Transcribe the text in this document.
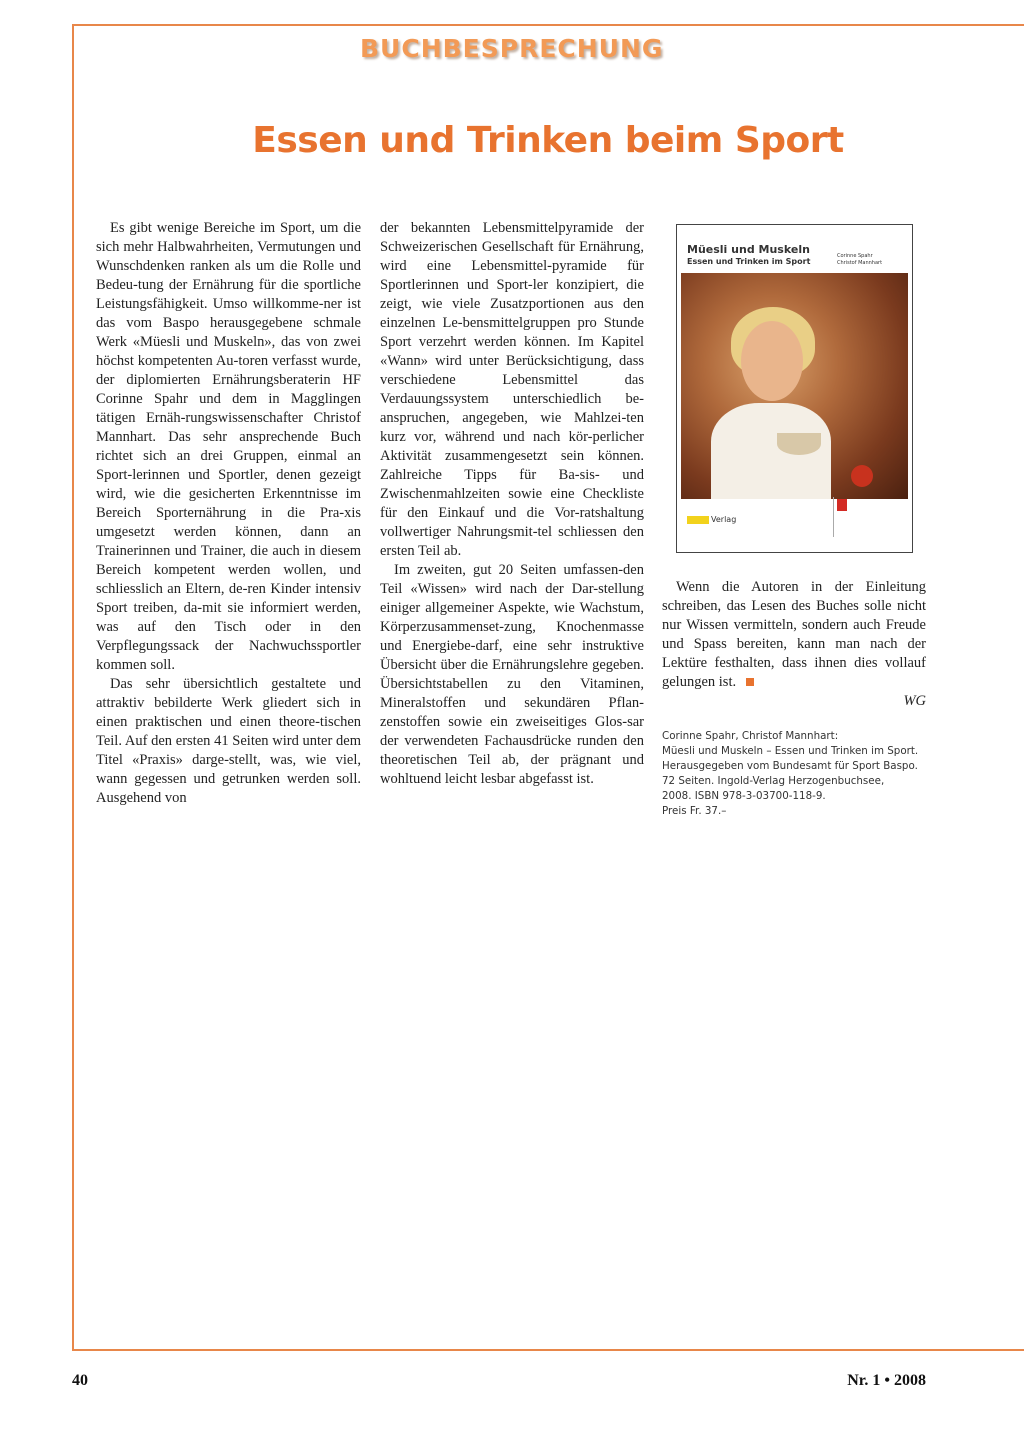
BUCHBESPRECHUNG
Essen und Trinken beim Sport

Es gibt wenige Bereiche im Sport, um die sich mehr Halbwahrheiten, Vermutungen und Wunschdenken ranken als um die Rolle und Bedeu-tung der Ernährung für die sportliche Leistungsfähigkeit. Umso willkomme-ner ist das vom Baspo herausgegebene schmale Werk «Müesli und Muskeln», das von zwei höchst kompetenten Au-toren verfasst wurde, der diplomierten Ernährungsberaterin HF Corinne Spahr und dem in Magglingen tätigen Ernäh-rungswissenschafter Christof Mannhart. Das sehr ansprechende Buch richtet sich an drei Gruppen, einmal an Sport-lerinnen und Sportler, denen gezeigt wird, wie die gesicherten Erkenntnisse im Bereich Sporternährung in die Pra-xis umgesetzt werden können, dann an Trainerinnen und Trainer, die auch in diesem Bereich kompetent werden wollen, und schliesslich an Eltern, de-ren Kinder intensiv Sport treiben, da-mit sie informiert werden, was auf den Tisch oder in den Verpflegungssack der Nachwuchssportler kommen soll.

Das sehr übersichtlich gestaltete und attraktiv bebilderte Werk gliedert sich in einen praktischen und einen theore-tischen Teil. Auf den ersten 41 Seiten wird unter dem Titel «Praxis» darge-stellt, was, wie viel, wann gegessen und getrunken werden soll. Ausgehend von

der bekannten Lebensmittelpyramide der Schweizerischen Gesellschaft für Ernährung, wird eine Lebensmittel-pyramide für Sportlerinnen und Sport-ler konzipiert, die zeigt, wie viele Zusatzportionen aus den einzelnen Le-bensmittelgruppen pro Stunde Sport verzehrt werden können. Im Kapitel «Wann» wird unter Berücksichtigung, dass verschiedene Lebensmittel das Verdauungssystem unterschiedlich be-anspruchen, angegeben, wie Mahlzei-ten kurz vor, während und nach kör-perlicher Aktivität zusammengesetzt sein können. Zahlreiche Tipps für Ba-sis- und Zwischenmahlzeiten sowie eine Checkliste für den Einkauf und die Vor-ratshaltung vollwertiger Nahrungsmit-tel schliessen den ersten Teil ab.

Im zweiten, gut 20 Seiten umfassen-den Teil «Wissen» wird nach der Dar-stellung einiger allgemeiner Aspekte, wie Wachstum, Körperzusammenset-zung, Knochenmasse und Energiebe-darf, eine sehr instruktive Übersicht über die Ernährungslehre gegeben. Übersichtstabellen zu den Vitaminen, Mineralstoffen und sekundären Pflan-zenstoffen sowie ein zweiseitiges Glos-sar der verwendeten Fachausdrücke runden den theoretischen Teil ab, der prägnant und wohltuend leicht lesbar abgefasst ist.

Müesli und Muskeln
Essen und Trinken im Sport
Corinne Spahr
Christof Mannhart
Verlag

Wenn die Autoren in der Einleitung schreiben, das Lesen des Buches solle nicht nur Wissen vermitteln, sondern auch Freude und Spass bereiten, kann man nach der Lektüre festhalten, dass ihnen dies vollauf gelungen ist.

WG

Corinne Spahr, Christof Mannhart:
Müesli und Muskeln – Essen und Trinken im Sport.
Herausgegeben vom Bundesamt für Sport Baspo.
72 Seiten. Ingold-Verlag Herzogenbuchsee,
2008. ISBN 978-3-03700-118-9.
Preis Fr. 37.–
40	Nr. 1 • 2008
